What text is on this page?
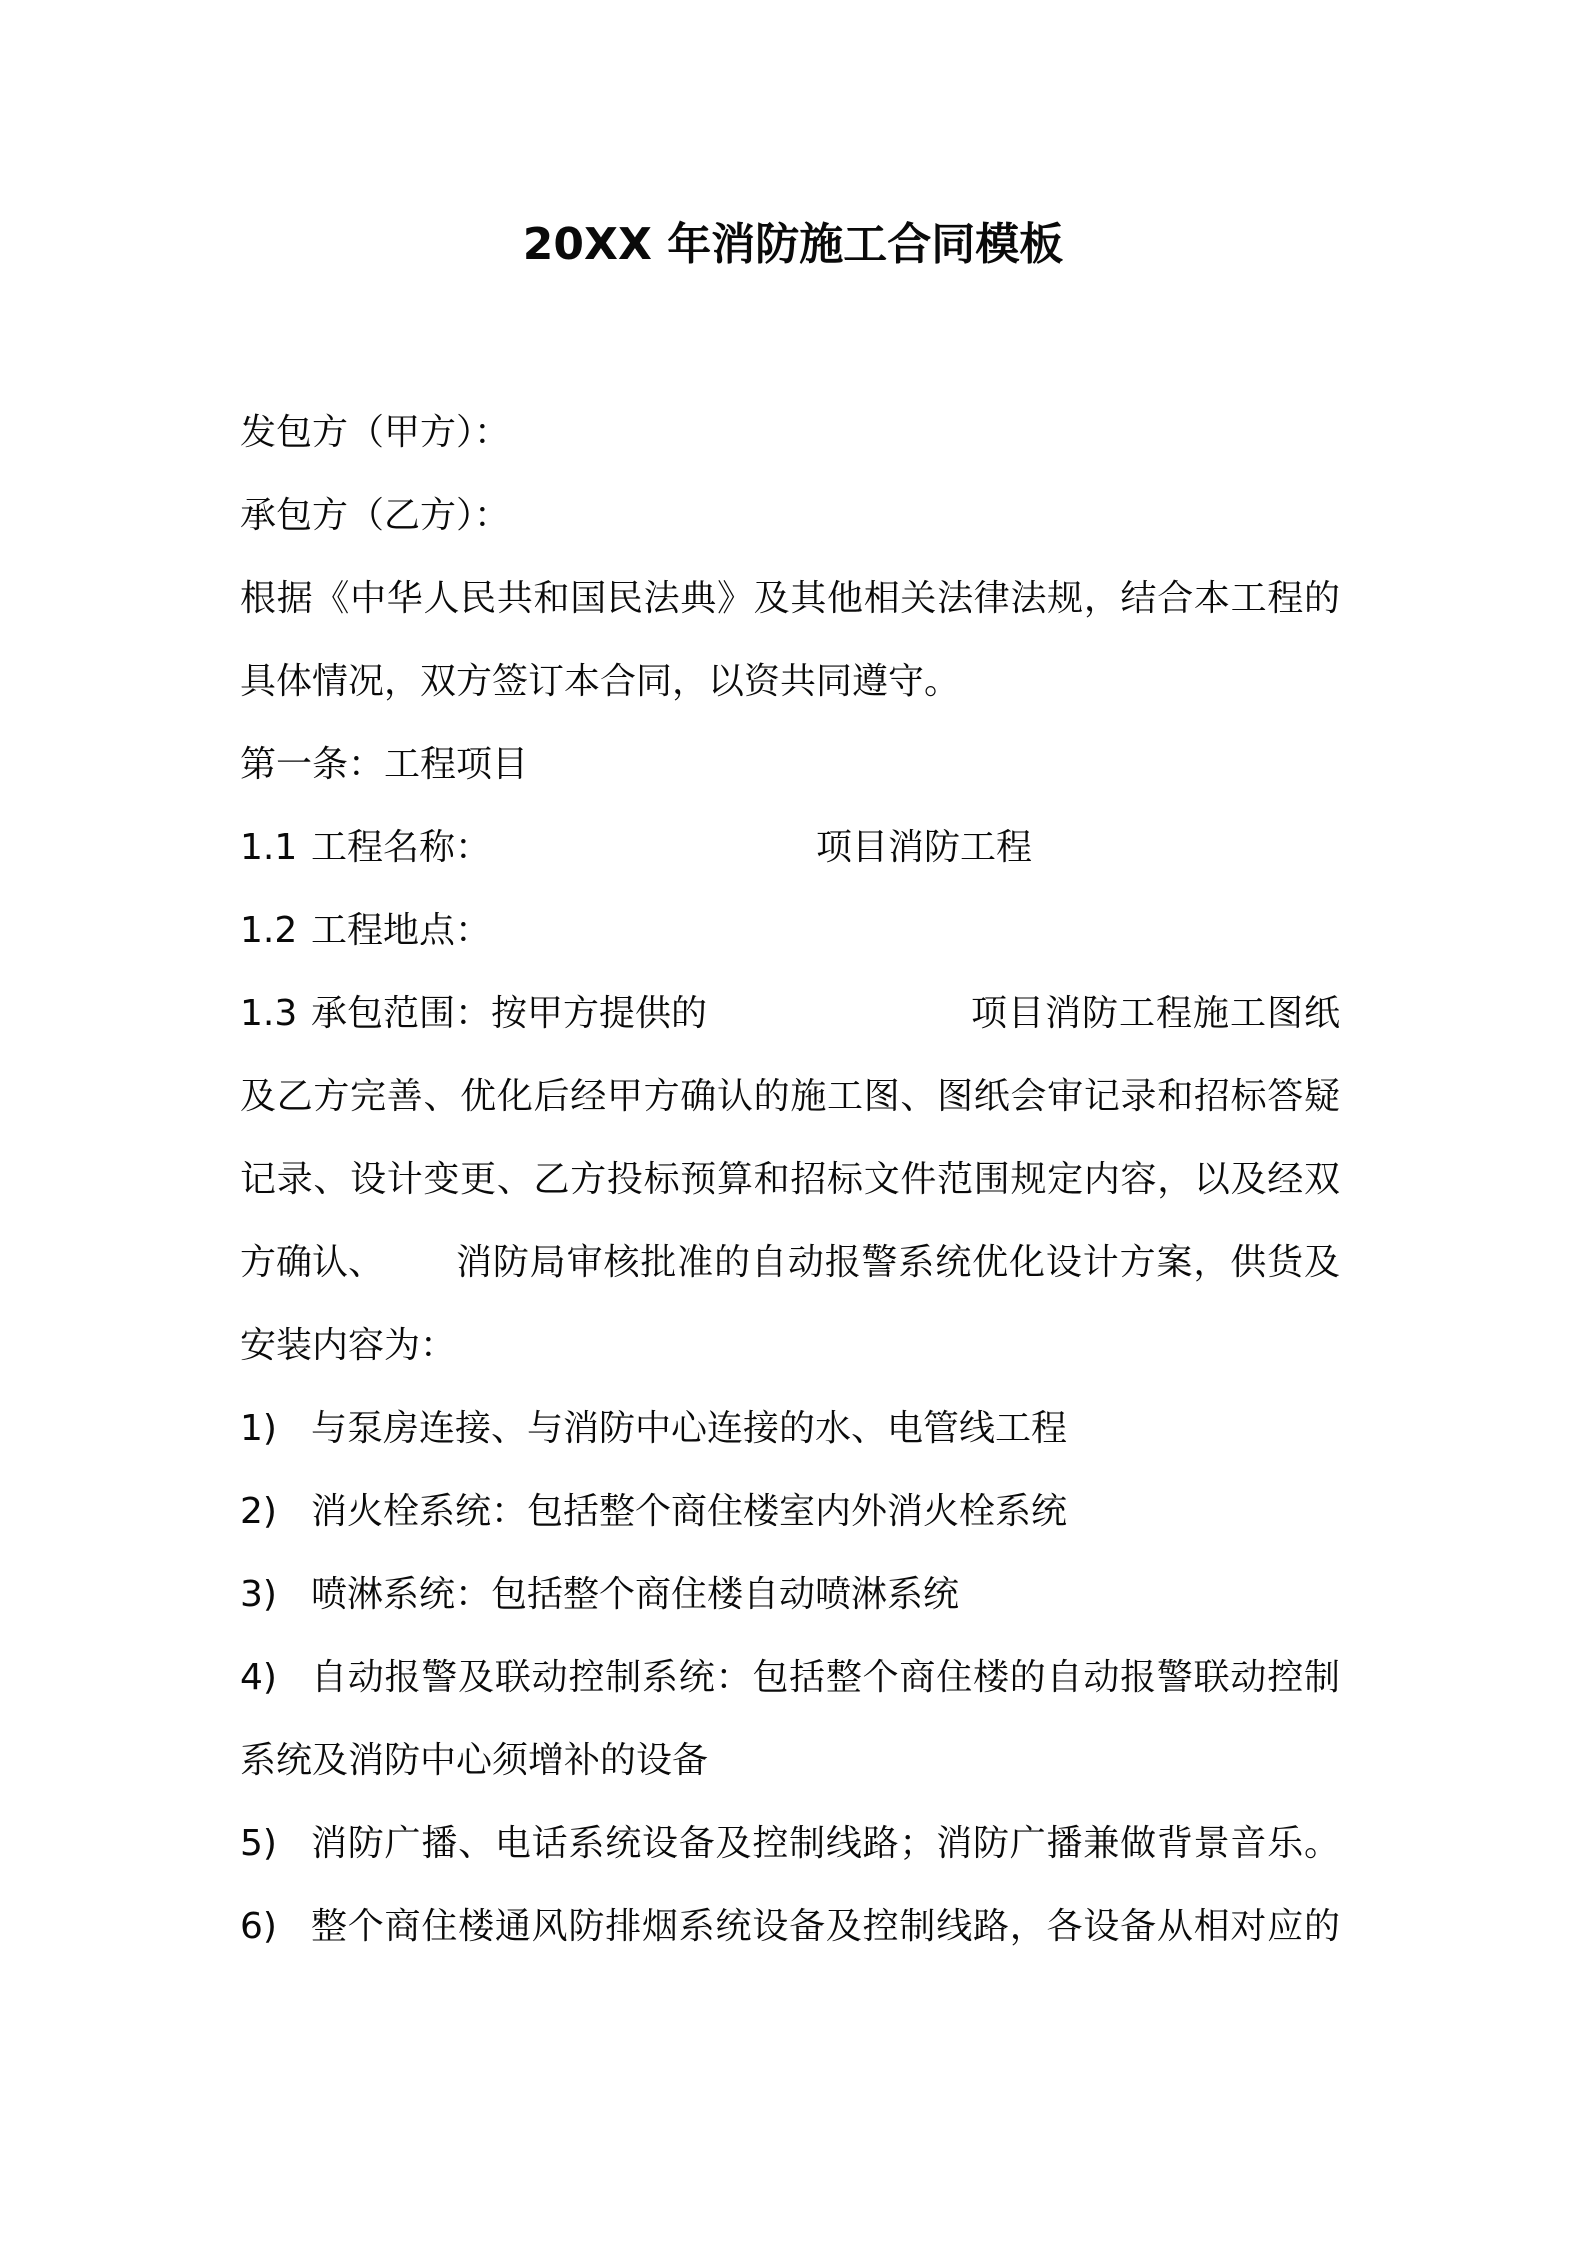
20XX 年消防施工合同模板
发包方（甲方）：
承包方（乙方）：
根据《中华人民共和国民法典》及其他相关法律法规，结合本工程的
具体情况，双方签订本合同，以资共同遵守。
第一条：工程项目
1.1 工程名称：	项目消防工程
1.2 工程地点：
1.3 承包范围：按甲方提供的	项目消防工程施工图纸
及乙方完善、优化后经甲方确认的施工图、图纸会审记录和招标答疑
记录、设计变更、乙方投标预算和招标文件范围规定内容，以及经双
方确认、 消防局审核批准的自动报警系统优化设计方案，供货及
安装内容为：
1) 与泵房连接、与消防中心连接的水、电管线工程
2) 消火栓系统：包括整个商住楼室内外消火栓系统
3) 喷淋系统：包括整个商住楼自动喷淋系统
4) 自动报警及联动控制系统：包括整个商住楼的自动报警联动控制
系统及消防中心须增补的设备
5) 消防广播、电话系统设备及控制线路；消防广播兼做背景音乐。
6) 整个商住楼通风防排烟系统设备及控制线路，各设备从相对应的
